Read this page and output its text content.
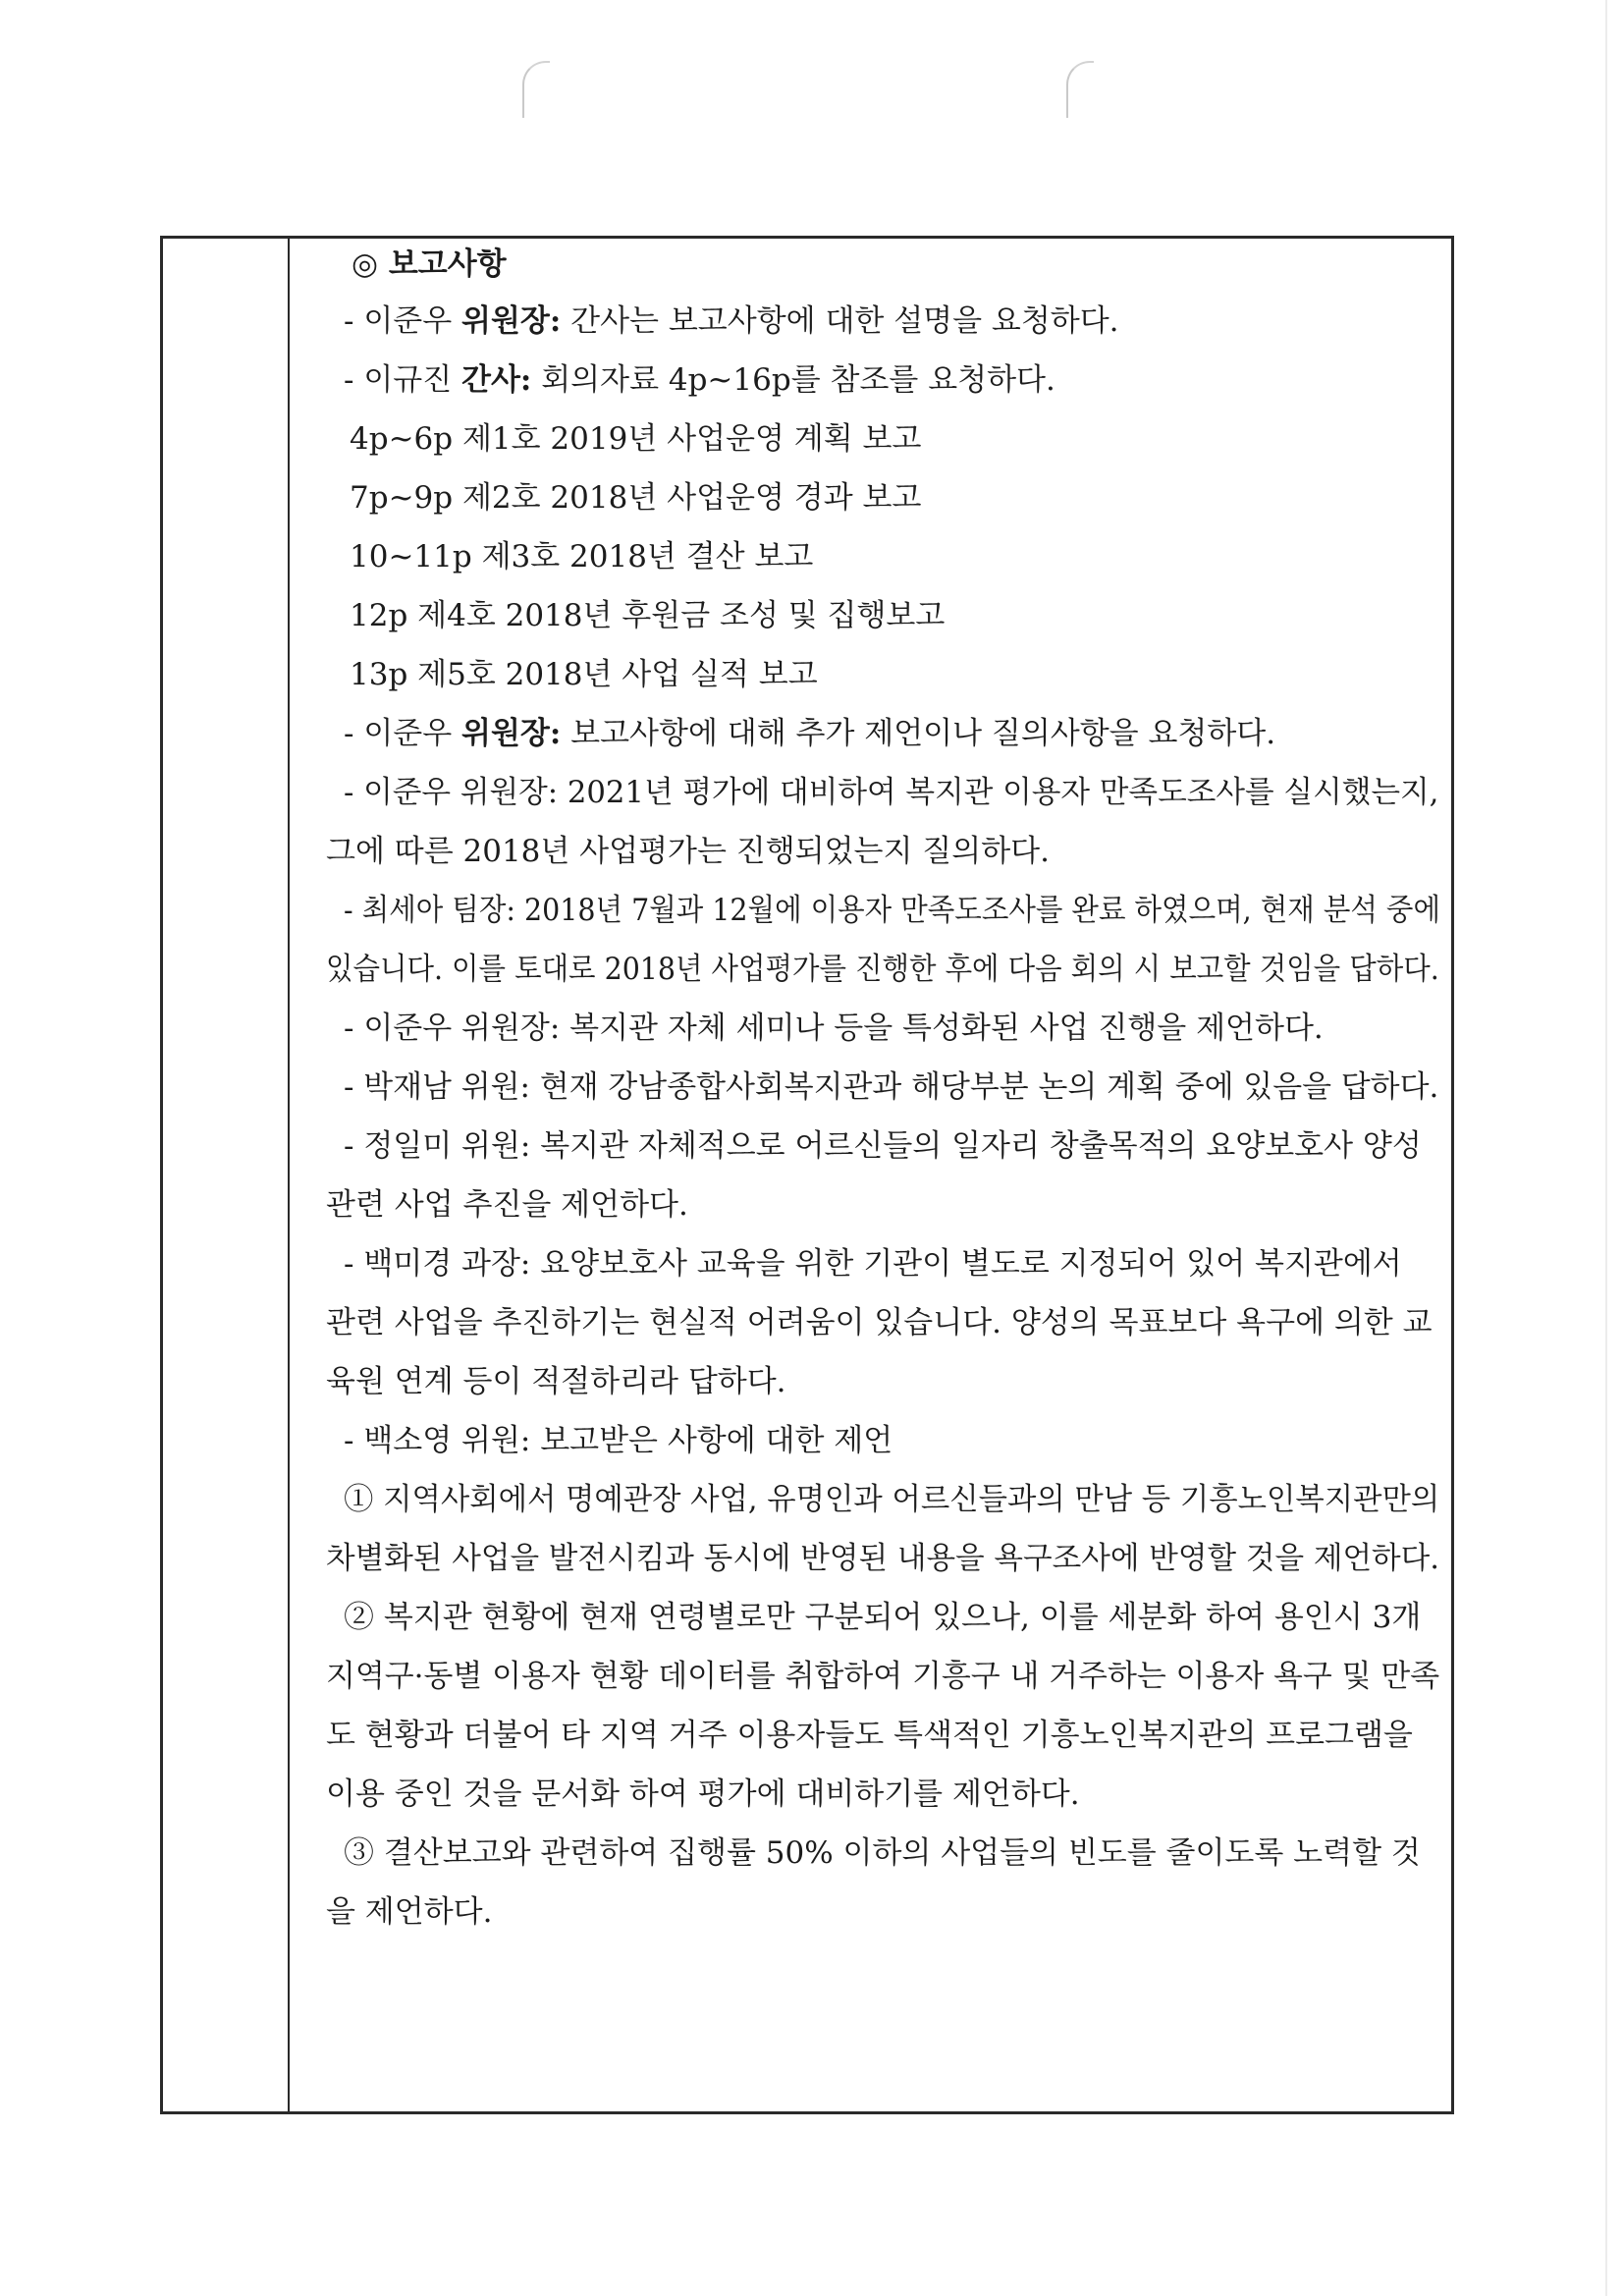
◎ 보고사항
- 이준우 위원장: 간사는 보고사항에 대한 설명을 요청하다.
- 이규진 간사: 회의자료 4p~16p를 참조를 요청하다.
4p~6p 제1호 2019년 사업운영 계획 보고
7p~9p 제2호 2018년 사업운영 경과 보고
10~11p 제3호 2018년 결산 보고
12p 제4호 2018년 후원금 조성 및 집행보고
13p 제5호 2018년 사업 실적 보고
- 이준우 위원장: 보고사항에 대해 추가 제언이나 질의사항을 요청하다.
- 이준우 위원장: 2021년 평가에 대비하여 복지관 이용자 만족도조사를 실시했는지,
그에 따른 2018년 사업평가는 진행되었는지 질의하다.
- 최세아 팀장: 2018년 7월과 12월에 이용자 만족도조사를 완료 하였으며, 현재 분석 중에
있습니다. 이를 토대로 2018년 사업평가를 진행한 후에 다음 회의 시 보고할 것임을 답하다.
- 이준우 위원장: 복지관 자체 세미나 등을 특성화된 사업 진행을 제언하다.
- 박재남 위원: 현재 강남종합사회복지관과 해당부분 논의 계획 중에 있음을 답하다.
- 정일미 위원: 복지관 자체적으로 어르신들의 일자리 창출목적의 요양보호사 양성
관련 사업 추진을 제언하다.
- 백미경 과장: 요양보호사 교육을 위한 기관이 별도로 지정되어 있어 복지관에서
관련 사업을 추진하기는 현실적 어려움이 있습니다. 양성의 목표보다 욕구에 의한 교
육원 연계 등이 적절하리라 답하다.
- 백소영 위원: 보고받은 사항에 대한 제언
① 지역사회에서 명예관장 사업, 유명인과 어르신들과의 만남 등 기흥노인복지관만의
차별화된 사업을 발전시킴과 동시에 반영된 내용을 욕구조사에 반영할 것을 제언하다.
② 복지관 현황에 현재 연령별로만 구분되어 있으나, 이를 세분화 하여 용인시 3개
지역구·동별 이용자 현황 데이터를 취합하여 기흥구 내 거주하는 이용자 욕구 및 만족
도 현황과 더불어 타 지역 거주 이용자들도 특색적인 기흥노인복지관의 프로그램을
이용 중인 것을 문서화 하여 평가에 대비하기를 제언하다.
③ 결산보고와 관련하여 집행률 50% 이하의 사업들의 빈도를 줄이도록 노력할 것
을 제언하다.
